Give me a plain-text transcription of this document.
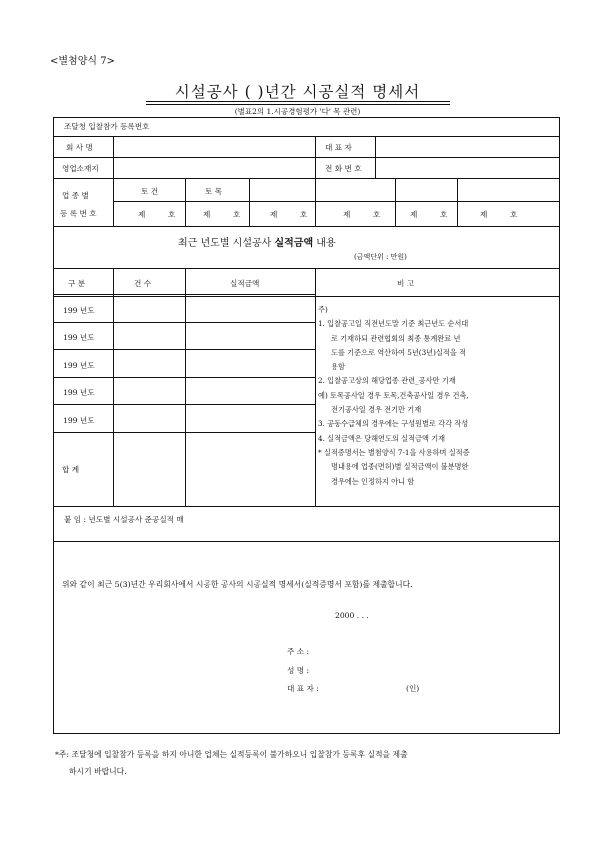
<별첨양식 7>
시설공사 ( )년간 시공실적 명세서
(별표2의 1.시공경험평가 '다' 목 관련)
조달청 입찰참가 등록번호
회 사 명	대 표 자
영업소재지	전 화 번 호
업 종 별
등 록 번 호
토 건	토 목
제	호	제	호	제	호	제	호	제	호	제	호
최근 년도별 시설공사 실적금액 내용
(금액단위 : 만원)
구 분	건 수	실적금액	비 고
199 년도
199 년도
199 년도
199 년도
199 년도
합 계
주)
1. 입찰공고일 직전년도말 기준 최근년도 순서대
로 기재하되 관련협회의 최종 통계완료 년
도를 기준으로 역산하여 5년(3년)실적을 적
용함
2. 입찰공고상의 해당업종 관련_공사만 기재
예) 토목공사일 경우 토목,건축공사일 경우 건축,
전기공사일 경우 전기만 기재
3. 공동수급체의 경우에는 구성원별로 각각 작성
4. 실적금액은 당해연도의 실적금액 기재
* 실적증명서는 별첨양식 7-1을 사용하며 실적증
명내용에 업종(면허)별 실적금액이 불분명한
경우에는 인정하지 아니 함
붙 임 : 년도별 시설공사 준공실적 매
위와 같이 최근 5(3)년간 우리회사에서 시공한 공사의 시공실적 명세서(실적증명서 포함)를 제출합니다.
2000 . . .
주 소 :
성 명 :
대 표 자 :	(인)
*주: 조달청에 입찰참가 등록을 하지 아니한 업체는 실적등록이 불가하오니 입찰참가 등록후 실적을 제출
하시기 바랍니다.
